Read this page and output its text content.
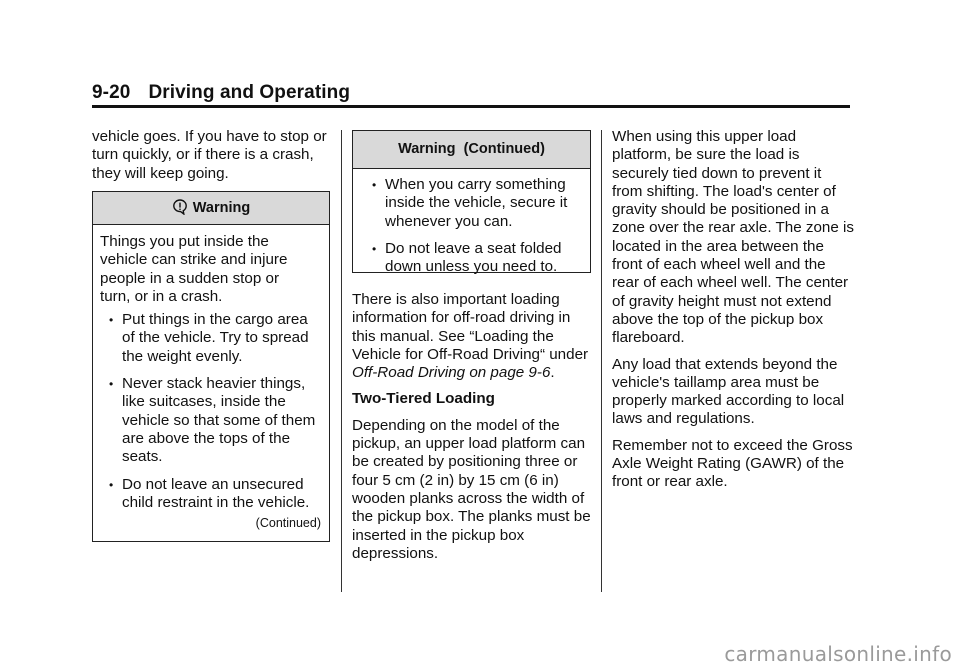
9-20 Driving and Operating

vehicle goes. If you have to stop or turn quickly, or if there is a crash, they will keep going.

Warning
Things you put inside the vehicle can strike and injure people in a sudden stop or turn, or in a crash.
• Put things in the cargo area of the vehicle. Try to spread the weight evenly.
• Never stack heavier things, like suitcases, inside the vehicle so that some of them are above the tops of the seats.
• Do not leave an unsecured child restraint in the vehicle.
(Continued)
Warning  (Continued)
• When you carry something inside the vehicle, secure it whenever you can.
• Do not leave a seat folded down unless you need to.

There is also important loading information for off-road driving in this manual. See “Loading the Vehicle for Off-Road Driving“ under Off-Road Driving on page 9-6.

Two-Tiered Loading

Depending on the model of the pickup, an upper load platform can be created by positioning three or four 5 cm (2 in) by 15 cm (6 in) wooden planks across the width of the pickup box. The planks must be inserted in the pickup box depressions.

When using this upper load platform, be sure the load is securely tied down to prevent it from shifting. The load's center of gravity should be positioned in a zone over the rear axle. The zone is located in the area between the front of each wheel well and the rear of each wheel well. The center of gravity height must not extend above the top of the pickup box flareboard.

Any load that extends beyond the vehicle's taillamp area must be properly marked according to local laws and regulations.

Remember not to exceed the Gross Axle Weight Rating (GAWR) of the front or rear axle.

carmanualsonline.info
